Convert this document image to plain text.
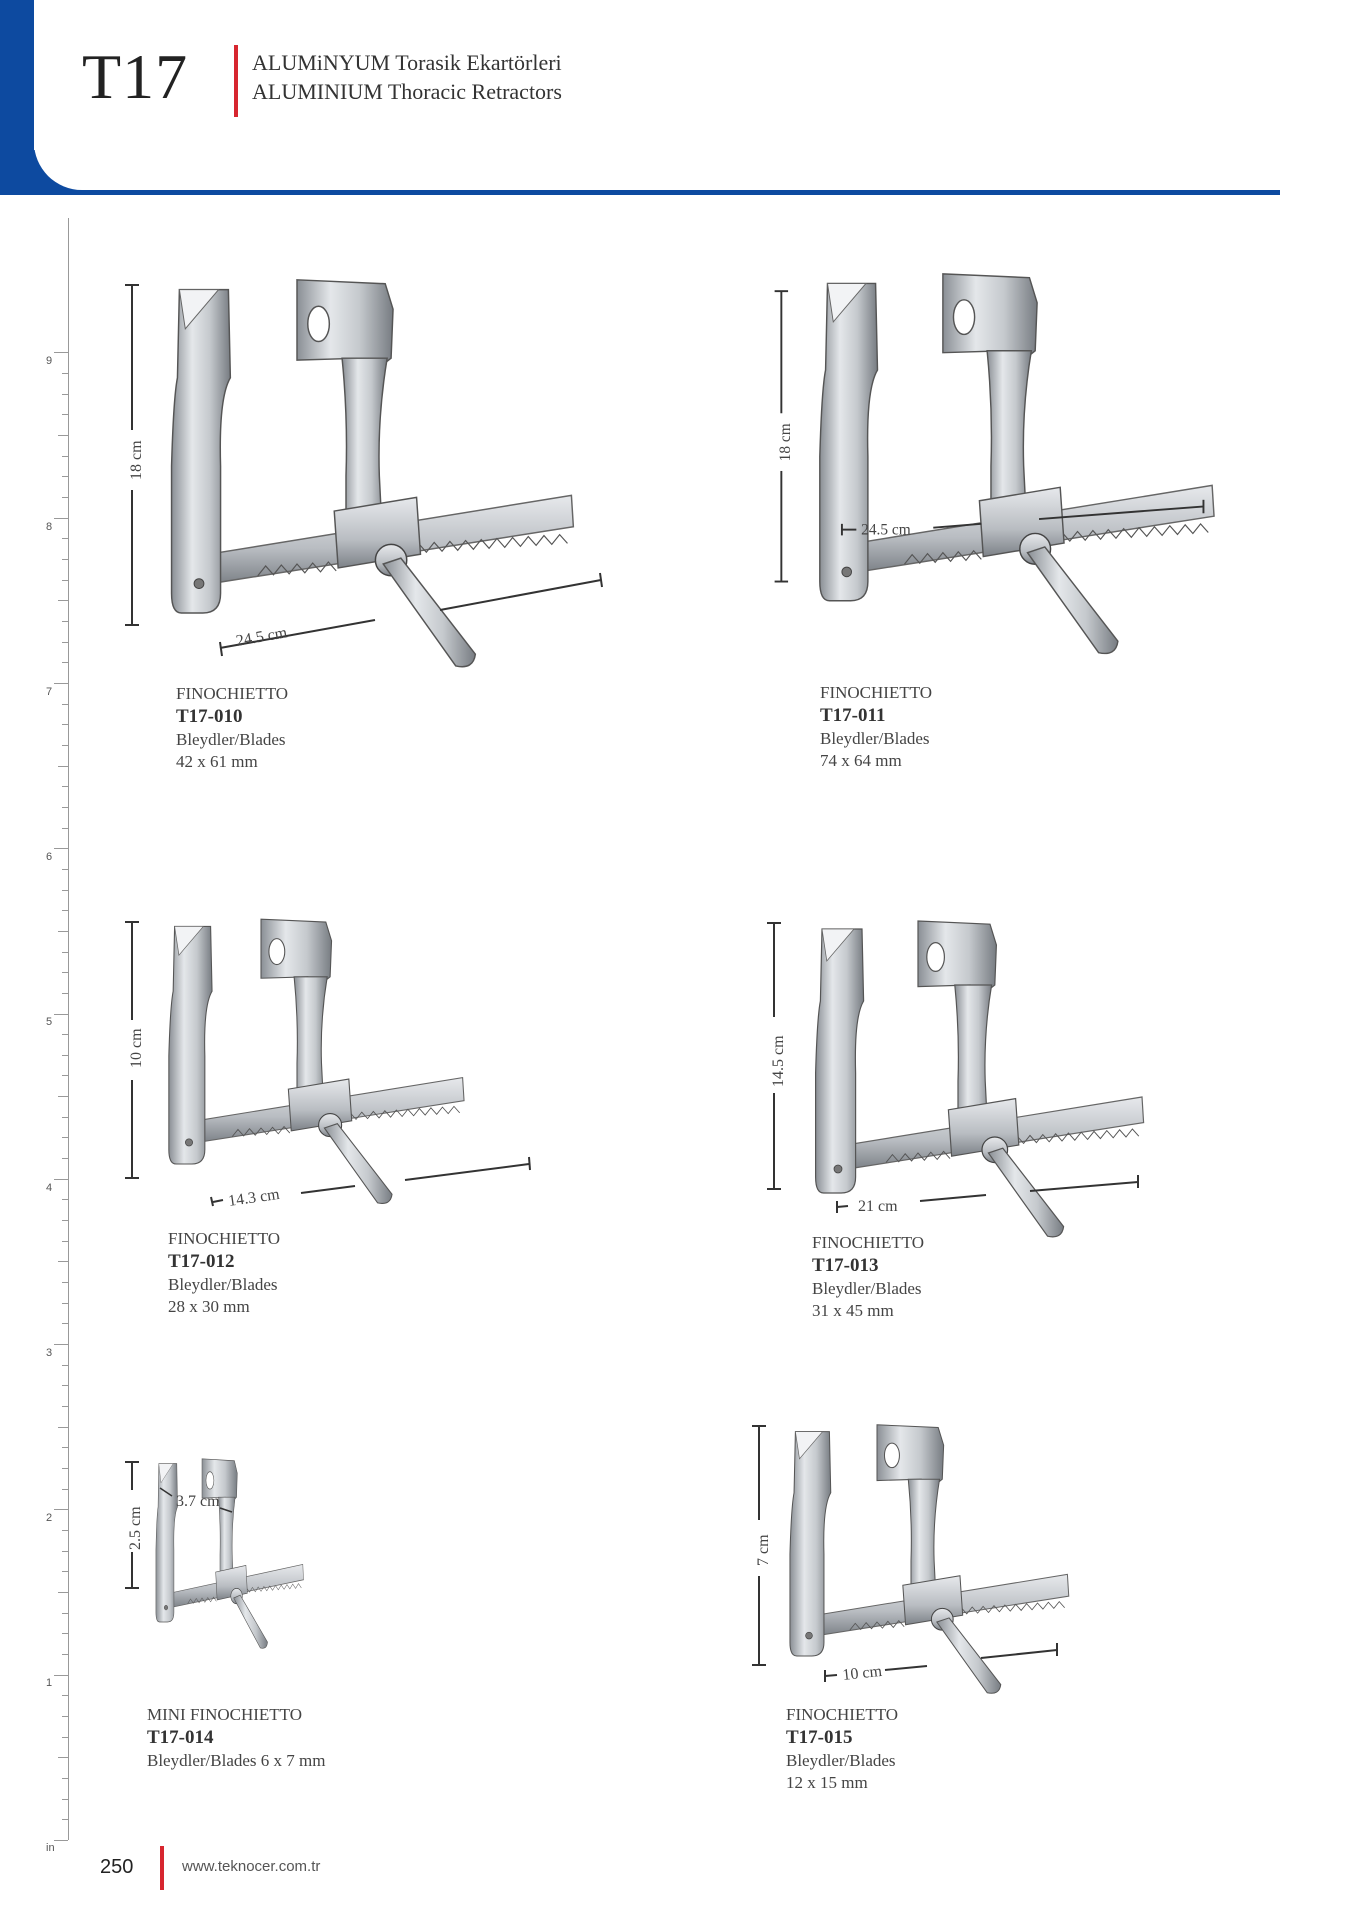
T17	ALUMiNYUM Torasik Ekartörleri
ALUMINIUM Thoracic Retractors
9
8
7
6
5
4
3
2
1
in
18 cm
24.5 cm
FINOCHIETTO
T17-010
Bleydler/Blades
42 x 61 mm
18 cm
24.5 cm
FINOCHIETTO
T17-011
Bleydler/Blades
74 x 64 mm
10 cm
14.3 cm
FINOCHIETTO
T17-012
Bleydler/Blades
28 x 30 mm
14.5 cm
21 cm
FINOCHIETTO
T17-013
Bleydler/Blades
31 x 45 mm
2.5 cm
3.7 cm
MINI FINOCHIETTO
T17-014
Bleydler/Blades 6 x 7 mm
7 cm
10 cm
FINOCHIETTO
T17-015
Bleydler/Blades
12 x 15 mm
250	www.teknocer.com.tr
